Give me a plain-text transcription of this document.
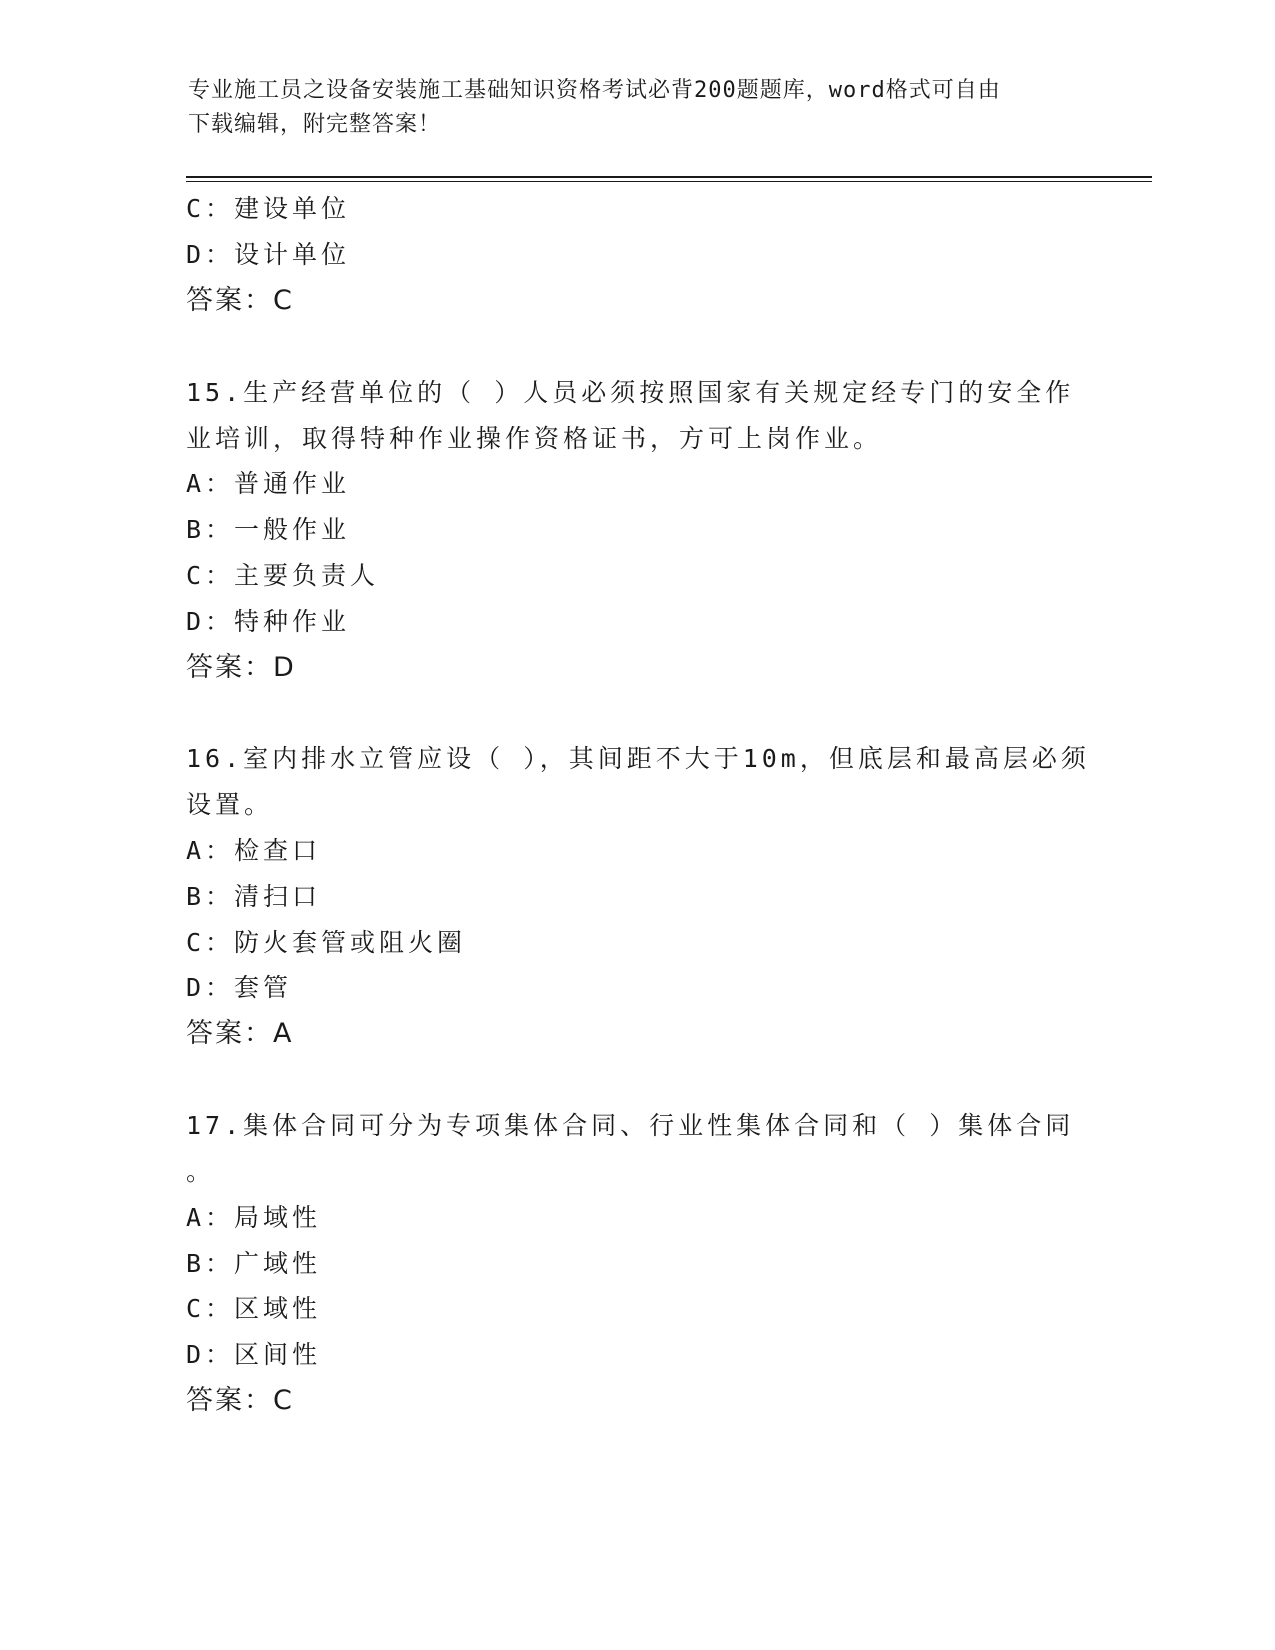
专业施工员之设备安装施工基础知识资格考试必背200题题库，word格式可自由
下载编辑，附完整答案！
C：建设单位
D：设计单位
答案：C
15.生产经营单位的（ ）人员必须按照国家有关规定经专门的安全作
业培训，取得特种作业操作资格证书，方可上岗作业。
A：普通作业
B：一般作业
C：主要负责人
D：特种作业
答案：D
16.室内排水立管应设（ ），其间距不大于10m，但底层和最高层必须
设置。
A：检查口
B：清扫口
C：防火套管或阻火圈
D：套管
答案：A
17.集体合同可分为专项集体合同、行业性集体合同和（ ）集体合同
。
A：局域性
B：广域性
C：区域性
D：区间性
答案：C
